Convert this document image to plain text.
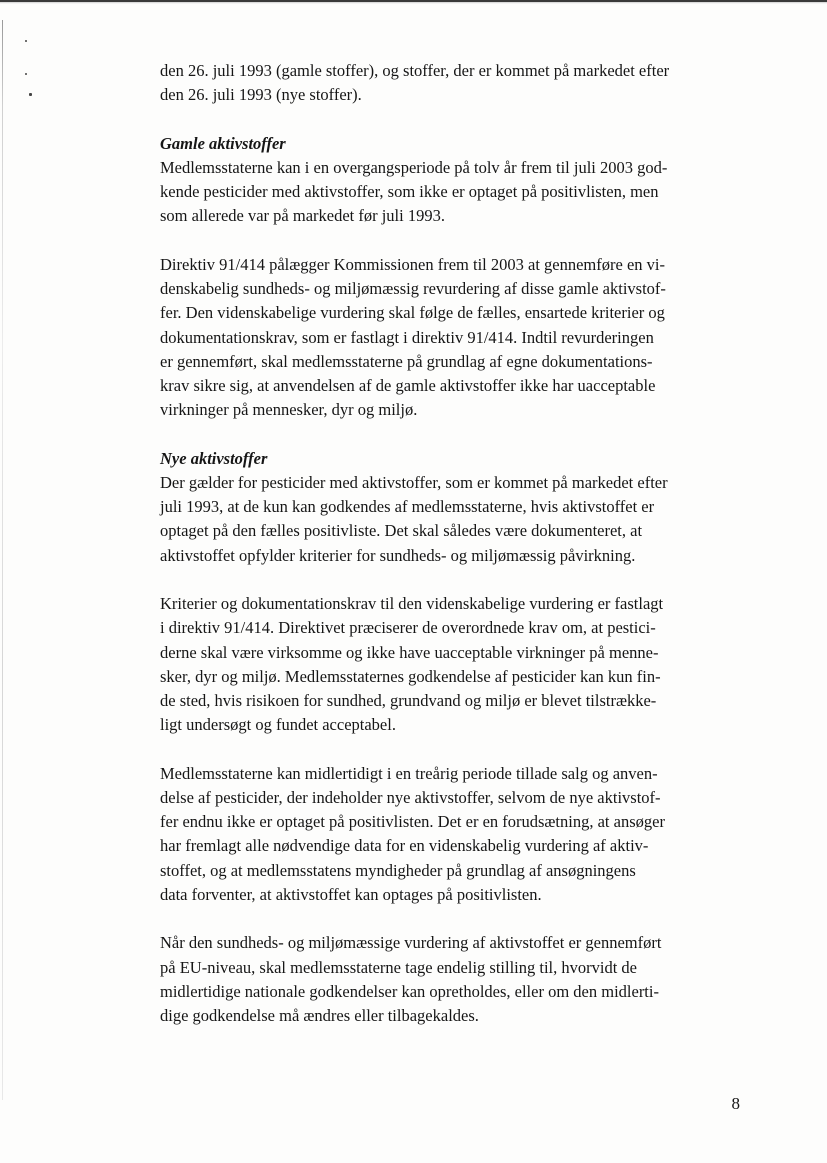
den 26. juli 1993 (gamle stoffer), og stoffer, der er kommet på markedet efter
den 26. juli 1993 (nye stoffer).
Gamle aktivstoffer
Medlemsstaterne kan i en overgangsperiode på tolv år frem til juli 2003 god-
kende pesticider med aktivstoffer, som ikke er optaget på positivlisten, men
som allerede var på markedet før juli 1993.
Direktiv 91/414 pålægger Kommissionen frem til 2003 at gennemføre en vi-
denskabelig sundheds- og miljømæssig revurdering af disse gamle aktivstof-
fer. Den videnskabelige vurdering skal følge de fælles, ensartede kriterier og
dokumentationskrav, som er fastlagt i direktiv 91/414. Indtil revurderingen
er gennemført, skal medlemsstaterne på grundlag af egne dokumentations-
krav sikre sig, at anvendelsen af de gamle aktivstoffer ikke har uacceptable
virkninger på mennesker, dyr og miljø.
Nye aktivstoffer
Der gælder for pesticider med aktivstoffer, som er kommet på markedet efter
juli 1993, at de kun kan godkendes af medlemsstaterne, hvis aktivstoffet er
optaget på den fælles positivliste. Det skal således være dokumenteret, at
aktivstoffet opfylder kriterier for sundheds- og miljømæssig påvirkning.
Kriterier og dokumentationskrav til den videnskabelige vurdering er fastlagt
i direktiv 91/414. Direktivet præciserer de overordnede krav om, at pestici-
derne skal være virksomme og ikke have uacceptable virkninger på menne-
sker, dyr og miljø. Medlemsstaternes godkendelse af pesticider kan kun fin-
de sted, hvis risikoen for sundhed, grundvand og miljø er blevet tilstrække-
ligt undersøgt og fundet acceptabel.
Medlemsstaterne kan midlertidigt i en treårig periode tillade salg og anven-
delse af pesticider, der indeholder nye aktivstoffer, selvom de nye aktivstof-
fer endnu ikke er optaget på positivlisten. Det er en forudsætning, at ansøger
har fremlagt alle nødvendige data for en videnskabelig vurdering af aktiv-
stoffet, og at medlemsstatens myndigheder på grundlag af ansøgningens
data forventer, at aktivstoffet kan optages på positivlisten.
Når den sundheds- og miljømæssige vurdering af aktivstoffet er gennemført
på EU-niveau, skal medlemsstaterne tage endelig stilling til, hvorvidt de
midlertidige nationale godkendelser kan opretholdes, eller om den midlerti-
dige godkendelse må ændres eller tilbagekaldes.
8
